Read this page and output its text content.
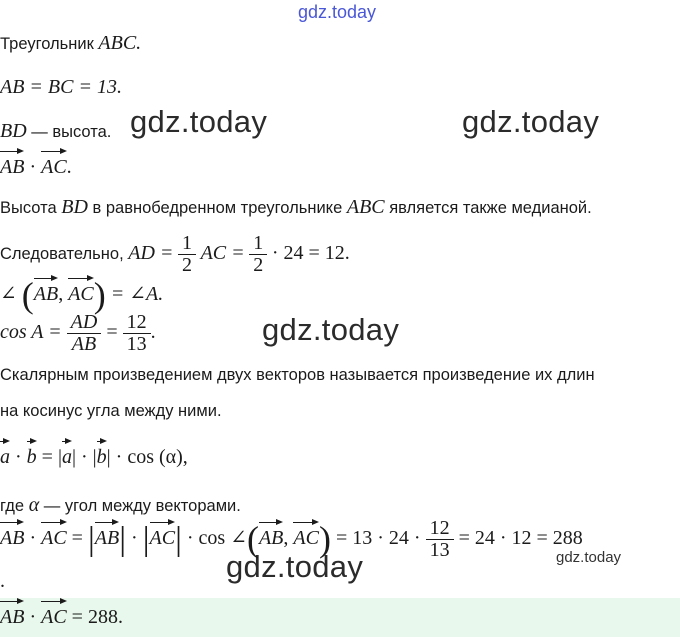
gdz.today
gdz.today	gdz.today
gdz.today
gdz.today	gdz.today
Треугольник ABC.
AB = BC = 13.
BD — высота.
AB · AC.
Высота BD в равнобедренном треугольнике ABC является также медианой.
Следовательно, AD = $\frac{1}{2}$ AC = $\frac{1}{2} \cdot 24 = 12$.
∠ (AB, AC) = ∠A.
$\cos A = \frac{AD}{AB} = \frac{12}{13}$ .
Скалярным произведением двух векторов называется произведение их длин
на косинус угла между ними.
a · b = |a| · |b| · cos (α),
где α — угол между векторами.
AB · AC = |AB| · |AC| · cos ∠(AB, $AC) = 13 \cdot 24 \cdot \frac{12}{13} = 24 \cdot 12 = 288$
.
AB · AC = 288.
